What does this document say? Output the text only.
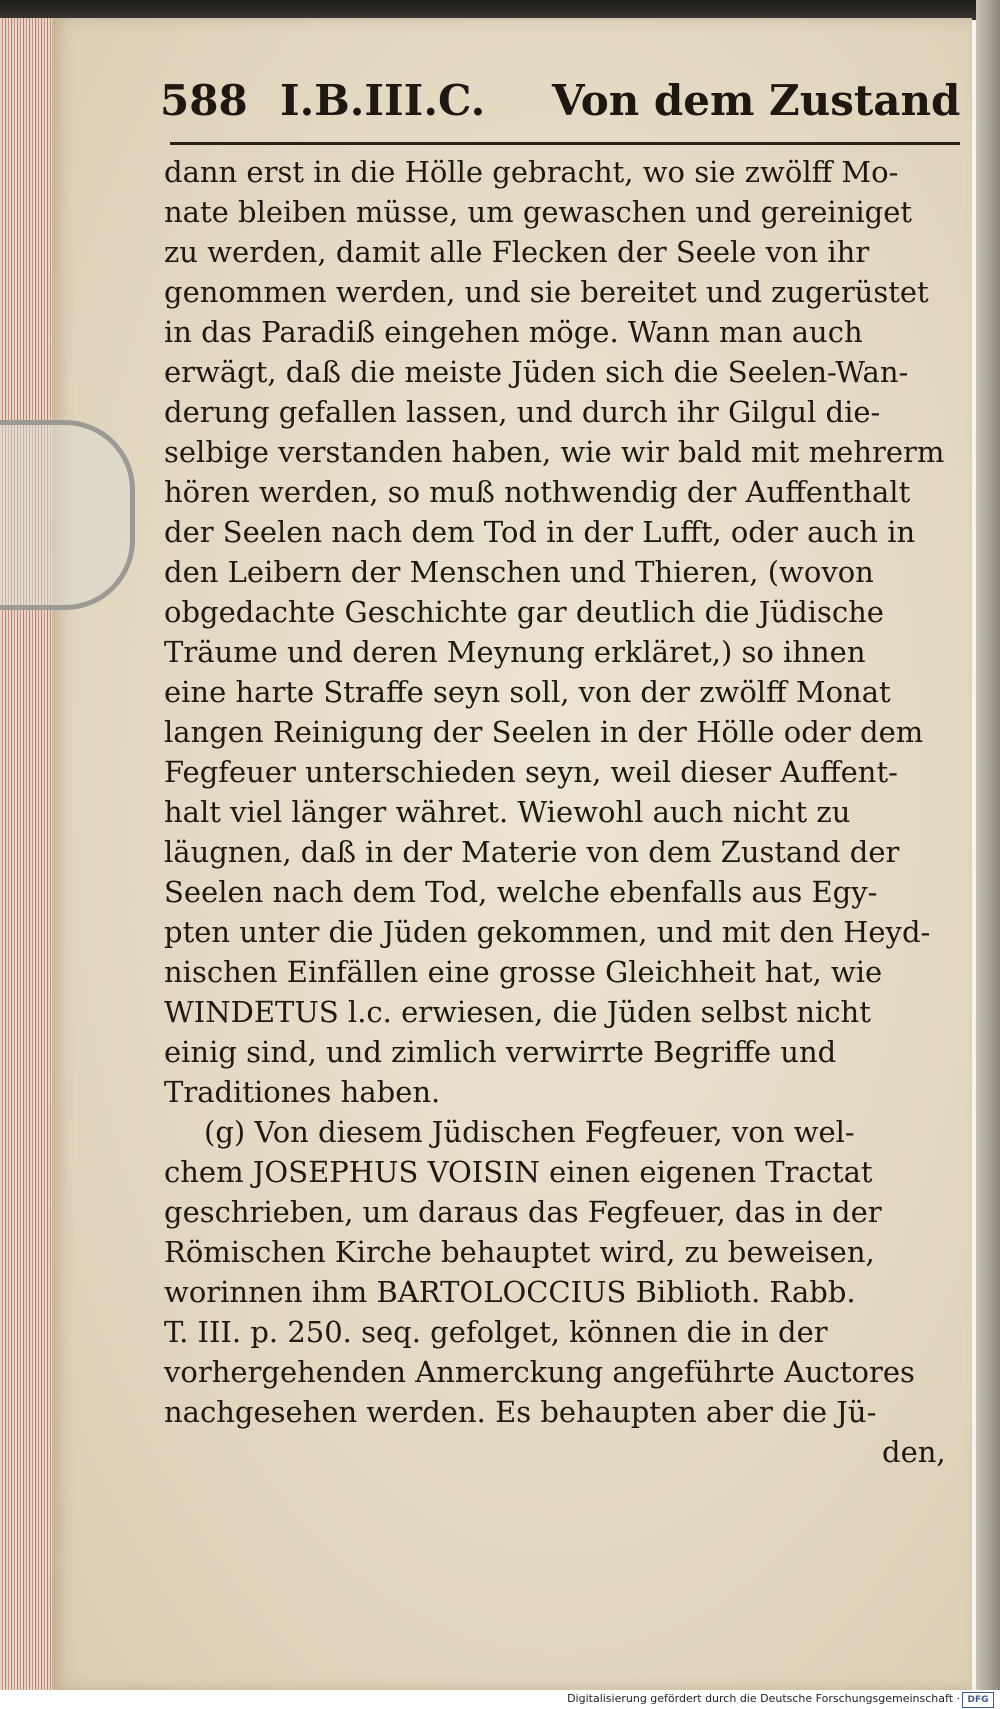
588 I.B.III.C. Von dem Zustand
dann erst in die Hölle gebracht, wo sie zwölff Mo-
nate bleiben müsse, um gewaschen und gereiniget
zu werden, damit alle Flecken der Seele von ihr
genommen werden, und sie bereitet und zugerüstet
in das Paradiß eingehen möge. Wann man auch
erwägt, daß die meiste Jüden sich die Seelen-Wan-
derung gefallen lassen, und durch ihr Gilgul die-
selbige verstanden haben, wie wir bald mit mehrerm
hören werden, so muß nothwendig der Auffenthalt
der Seelen nach dem Tod in der Lufft, oder auch in
den Leibern der Menschen und Thieren, (wovon
obgedachte Geschichte gar deutlich die Jüdische
Träume und deren Meynung erkläret,) so ihnen
eine harte Straffe seyn soll, von der zwölff Monat
langen Reinigung der Seelen in der Hölle oder dem
Fegfeuer unterschieden seyn, weil dieser Auffent-
halt viel länger währet. Wiewohl auch nicht zu
läugnen, daß in der Materie von dem Zustand der
Seelen nach dem Tod, welche ebenfalls aus Egy-
pten unter die Jüden gekommen, und mit den Heyd-
nischen Einfällen eine grosse Gleichheit hat, wie
WINDETUS l.c. erwiesen, die Jüden selbst nicht
einig sind, und zimlich verwirrte Begriffe und
Traditiones haben.
(g) Von diesem Jüdischen Fegfeuer, von wel-
chem JOSEPHUS VOISIN einen eigenen Tractat
geschrieben, um daraus das Fegfeuer, das in der
Römischen Kirche behauptet wird, zu beweisen,
worinnen ihm BARTOLOCCIUS Biblioth. Rabb.
T. III. p. 250. seq. gefolget, können die in der
vorhergehenden Anmerckung angeführte Auctores
nachgesehen werden. Es behaupten aber die Jü-
den,
Digitalisierung gefördert durch die Deutsche Forschungsgemeinschaft · DFG
